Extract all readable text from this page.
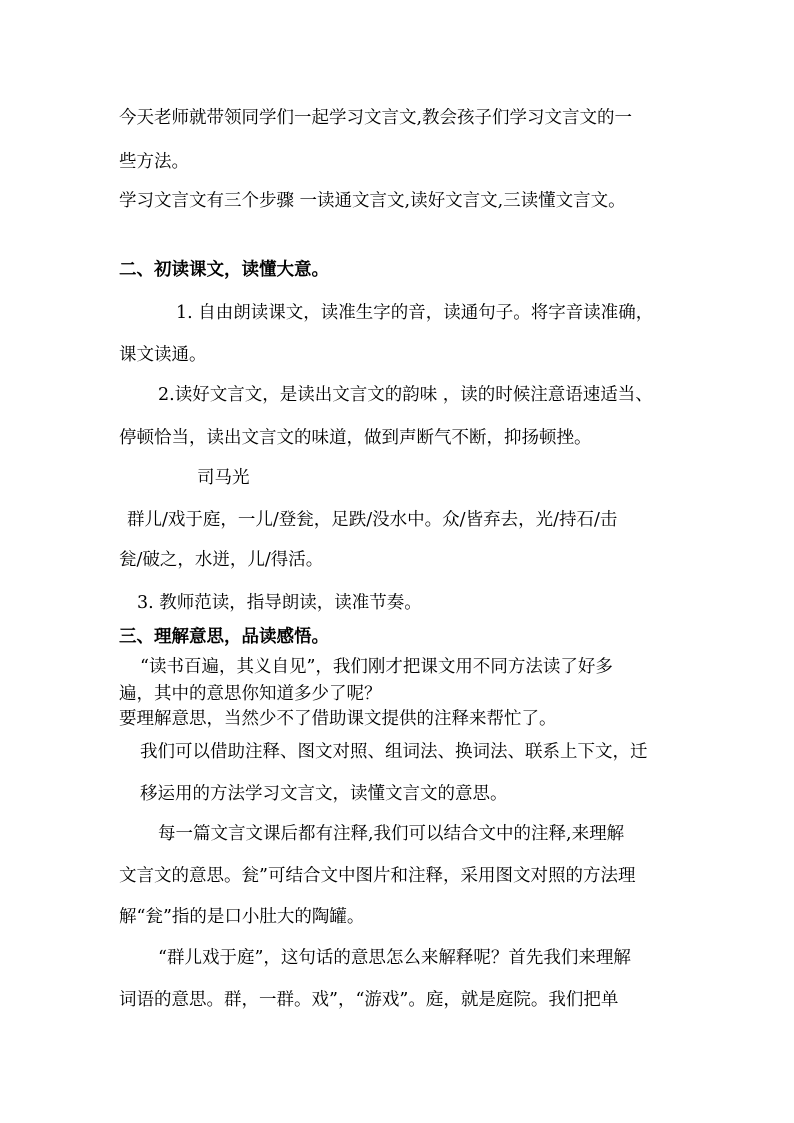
今天老师就带领同学们一起学习文言文,教会孩子们学习文言文的一
些方法。
学习文言文有三个步骤 一读通文言文,读好文言文,三读懂文言文。
二、初读课文，读懂大意。
1. 自由朗读课文，读准生字的音，读通句子。将字音读准确，
课文读通。
2.读好文言文，是读出文言文的韵味 ，读的时候注意语速适当、
停顿恰当，读出文言文的味道，做到声断气不断，抑扬顿挫。
司马光
群儿/戏于庭，一儿/登瓮，足跌/没水中。众/皆弃去，光/持石/击
瓮/破之，水迸，儿/得活。
3. 教师范读，指导朗读，读准节奏。
三、理解意思，品读感悟。
“读书百遍，其义自见”，我们刚才把课文用不同方法读了好多
遍，其中的意思你知道多少了呢？
要理解意思，当然少不了借助课文提供的注释来帮忙了。
我们可以借助注释、图文对照、组词法、换词法、联系上下文，迁
移运用的方法学习文言文，读懂文言文的意思。
每一篇文言文课后都有注释,我们可以结合文中的注释,来理解
文言文的意思。瓮”可结合文中图片和注释，采用图文对照的方法理
解“瓮”指的是口小肚大的陶罐。
“群儿戏于庭”，这句话的意思怎么来解释呢？首先我们来理解
词语的意思。群，一群。戏”，“游戏”。庭，就是庭院。我们把单
